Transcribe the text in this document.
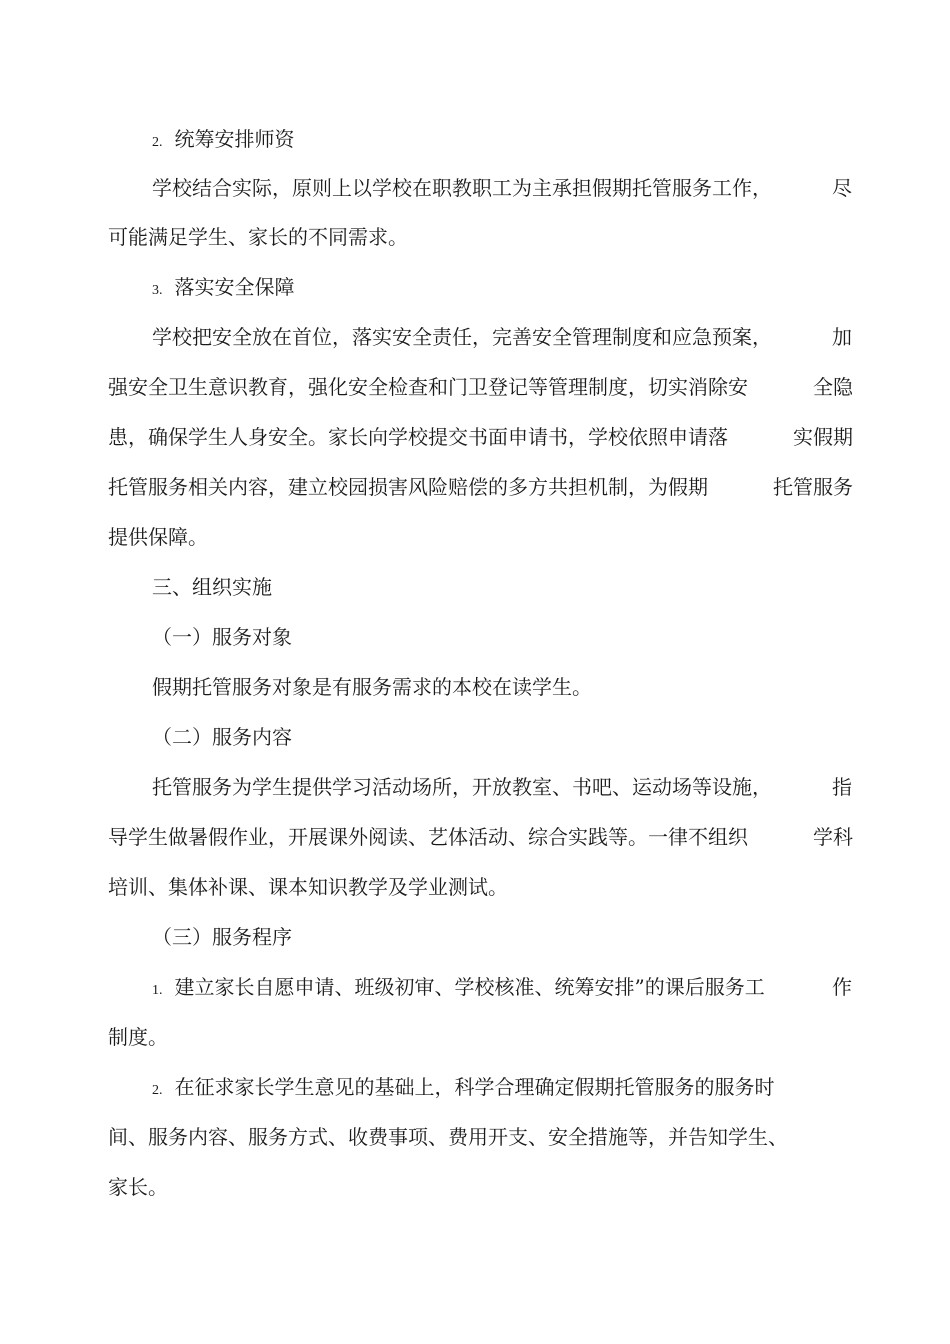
2. 统筹安排师资
学校结合实际，原则上以学校在职教职工为主承担假期托管服务工作，	尽
可能满足学生、家长的不同需求。
3. 落实安全保障
学校把安全放在首位，落实安全责任，完善安全管理制度和应急预案，	加
强安全卫生意识教育，强化安全检查和门卫登记等管理制度，切实消除安	全隐
患，确保学生人身安全。家长向学校提交书面申请书，学校依照申请落	实假期
托管服务相关内容，建立校园损害风险赔偿的多方共担机制，为假期	托管服务
提供保障。
三、组织实施
（一）服务对象
假期托管服务对象是有服务需求的本校在读学生。
（二）服务内容
托管服务为学生提供学习活动场所，开放教室、书吧、运动场等设施，	指
导学生做暑假作业，开展课外阅读、艺体活动、综合实践等。一律不组织	学科
培训、集体补课、课本知识教学及学业测试。
（三）服务程序
1. 建立家长自愿申请、班级初审、学校核准、统筹安排”的课后服务工	作
制度。
2. 在征求家长学生意见的基础上，科学合理确定假期托管服务的服务时
间、服务内容、服务方式、收费事项、费用开支、安全措施等，并告知学生、
家长。
